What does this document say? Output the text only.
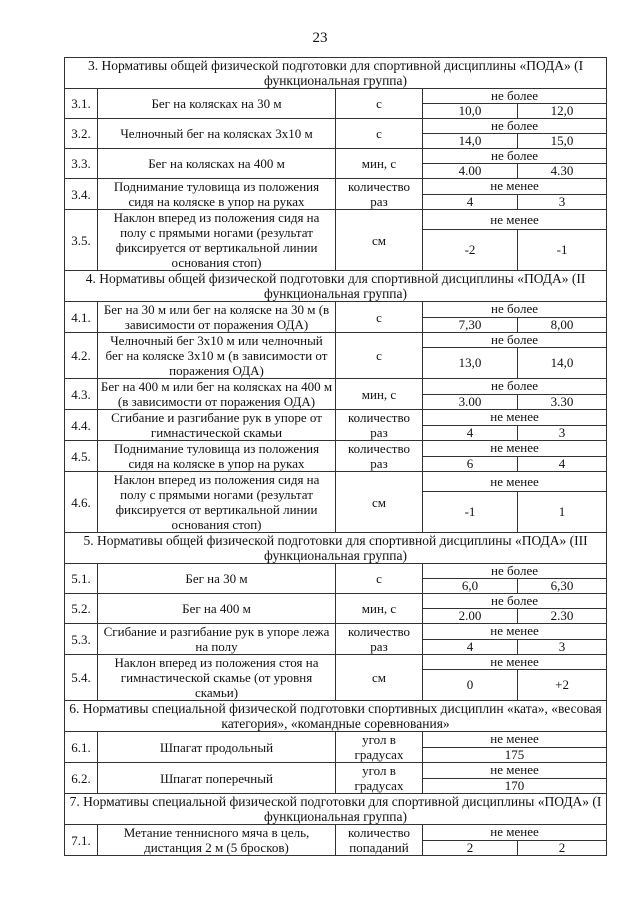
23
3. Нормативы общей физической подготовки для спортивной дисциплины «ПОДА» (I функциональная группа)				
3.1.	Бег на колясках на 30 м	с	не более	
			10,0	12,0
3.2.	Челночный бег на колясках 3х10 м	с	не более	
			14,0	15,0
3.3.	Бег на колясках на 400 м	мин, с	не более	
			4.00	4.30
3.4.	Поднимание туловища из положения сидя на коляске в упор на руках	количество раз	не менее	
			4	3
3.5.	Наклон вперед из положения сидя на полу с прямыми ногами (результат фиксируется от вертикальной линии основания стоп)	см	не менее	
			-2	-1
4. Нормативы общей физической подготовки для спортивной дисциплины «ПОДА» (II функциональная группа)				
4.1.	Бег на 30 м или бег на коляске на 30 м (в зависимости от поражения ОДА)	с	не более	
			7,30	8,00
4.2.	Челночный бег 3х10 м или челночный бег на коляске 3х10 м (в зависимости от поражения ОДА)	с	не более	
			13,0	14,0
4.3.	Бег на 400 м или бег на колясках на 400 м (в зависимости от поражения ОДА)	мин, с	не более	
			3.00	3.30
4.4.	Сгибание и разгибание рук в упоре от гимнастической скамьи	количество раз	не менее	
			4	3
4.5.	Поднимание туловища из положения сидя на коляске в упор на руках	количество раз	не менее	
			6	4
4.6.	Наклон вперед из положения сидя на полу с прямыми ногами (результат фиксируется от вертикальной линии основания стоп)	см	не менее	
			-1	1
5. Нормативы общей физической подготовки для спортивной дисциплины «ПОДА» (III функциональная группа)				
5.1.	Бег на 30 м	с	не более	
			6,0	6,30
5.2.	Бег на 400 м	мин, с	не более	
			2.00	2.30
5.3.	Сгибание и разгибание рук в упоре лежа на полу	количество раз	не менее	
			4	3
5.4.	Наклон вперед из положения стоя на гимнастической скамье (от уровня скамьи)	см	не менее	
			0	+2
6. Нормативы специальной физической подготовки спортивных дисциплин «ката», «весовая категория», «командные соревнования»				
6.1.	Шпагат продольный	угол в градусах	не менее	
			175	
6.2.	Шпагат поперечный	угол в градусах	не менее	
			170	
7. Нормативы специальной физической подготовки для спортивной дисциплины «ПОДА» (I функциональная группа)				
7.1.	Метание теннисного мяча в цель, дистанция 2 м (5 бросков)	количество попаданий	не менее	
			2	2
